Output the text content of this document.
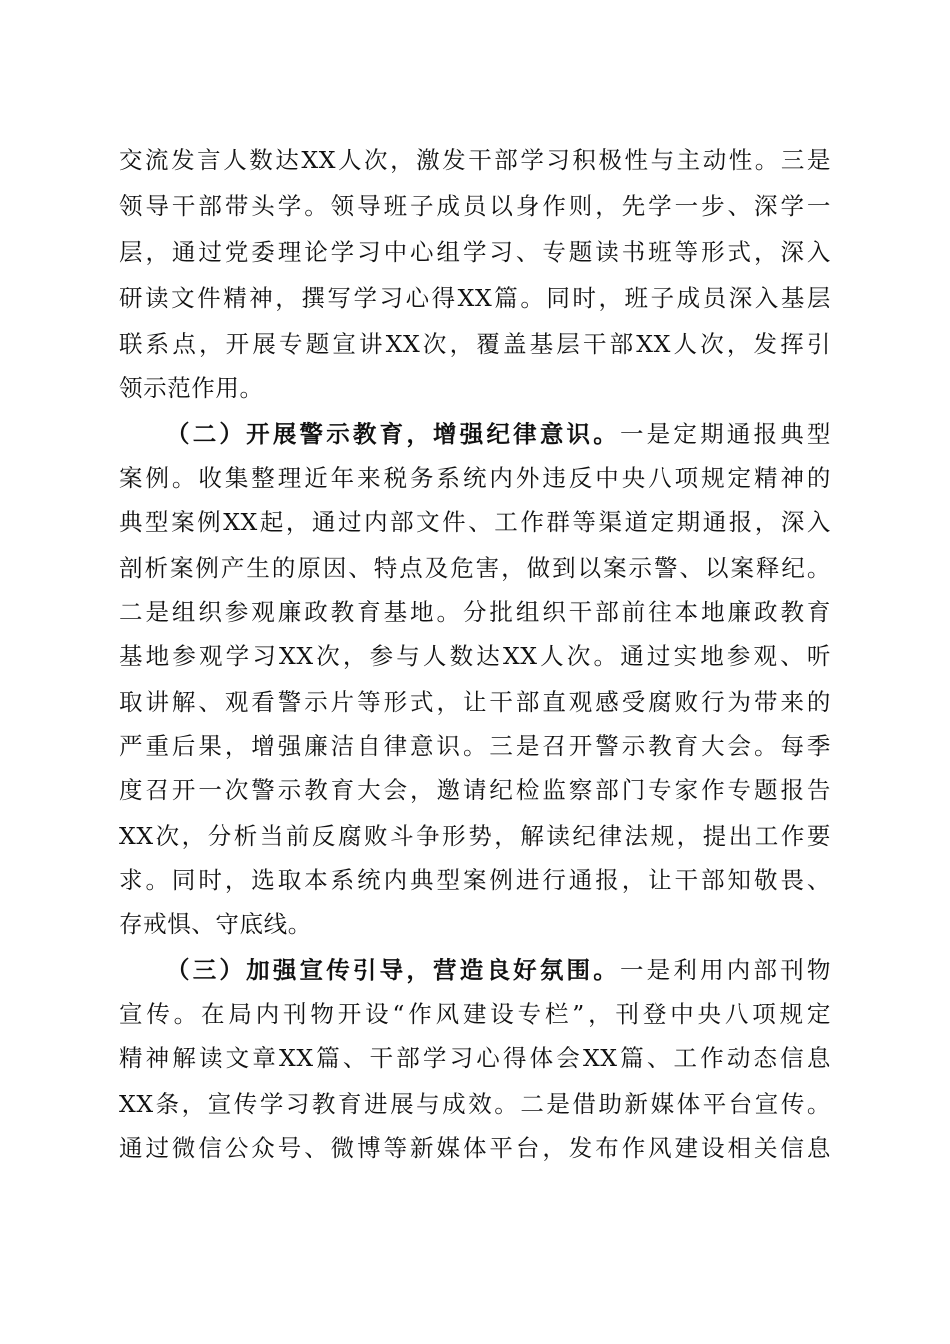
交流发言人数达XX人次，激发干部学习积极性与主动性。三是
领导干部带头学。领导班子成员以身作则，先学一步、深学一
层，通过党委理论学习中心组学习、专题读书班等形式，深入
研读文件精神，撰写学习心得XX篇。同时，班子成员深入基层
联系点，开展专题宣讲XX次，覆盖基层干部XX人次，发挥引
领示范作用。
（二）开展警示教育，增强纪律意识。一是定期通报典型
案例。收集整理近年来税务系统内外违反中央八项规定精神的
典型案例XX起，通过内部文件、工作群等渠道定期通报，深入
剖析案例产生的原因、特点及危害，做到以案示警、以案释纪。
二是组织参观廉政教育基地。分批组织干部前往本地廉政教育
基地参观学习XX次，参与人数达XX人次。通过实地参观、听
取讲解、观看警示片等形式，让干部直观感受腐败行为带来的
严重后果，增强廉洁自律意识。三是召开警示教育大会。每季
度召开一次警示教育大会，邀请纪检监察部门专家作专题报告
XX次，分析当前反腐败斗争形势，解读纪律法规，提出工作要
求。同时，选取本系统内典型案例进行通报，让干部知敬畏、
存戒惧、守底线。
（三）加强宣传引导，营造良好氛围。一是利用内部刊物
宣传。在局内刊物开设“作风建设专栏”，刊登中央八项规定
精神解读文章XX篇、干部学习心得体会XX篇、工作动态信息
XX条，宣传学习教育进展与成效。二是借助新媒体平台宣传。
通过微信公众号、微博等新媒体平台，发布作风建设相关信息
